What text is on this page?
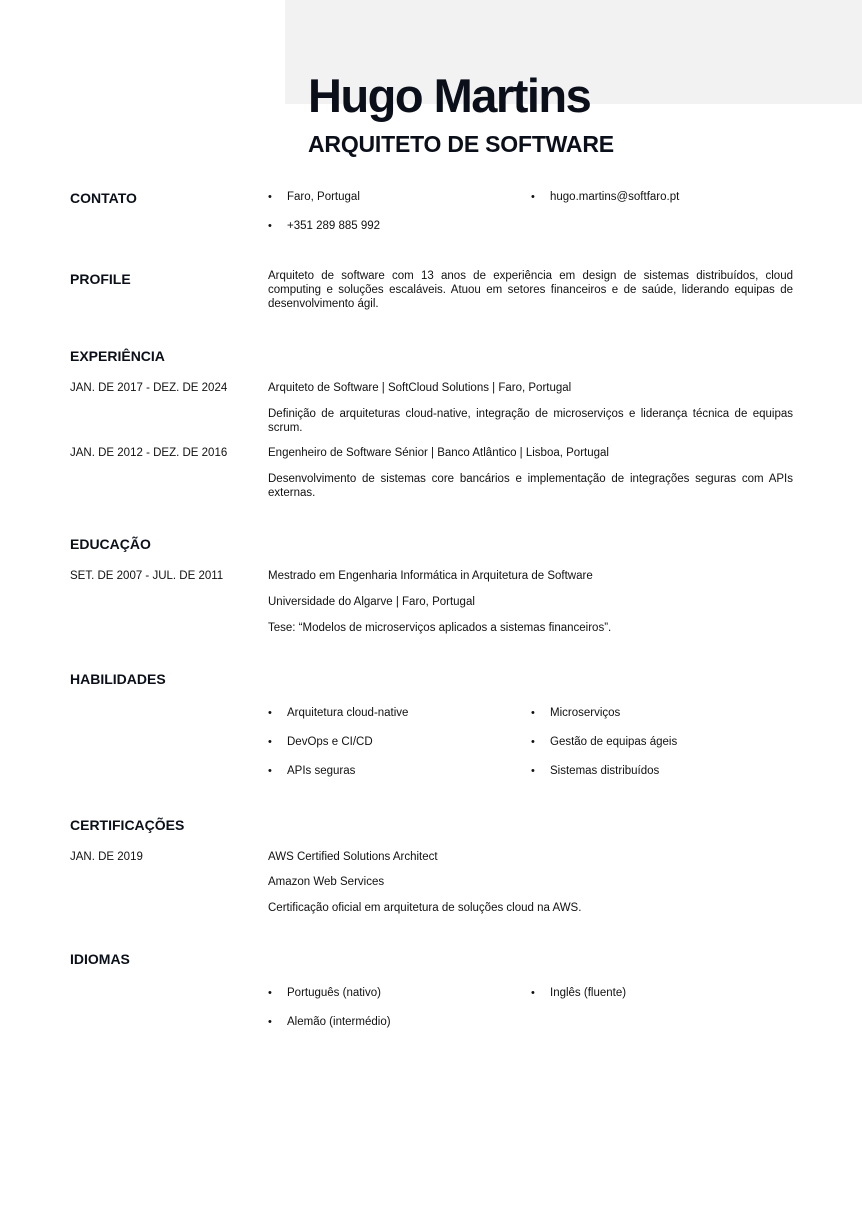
Hugo Martins
ARQUITETO DE SOFTWARE
CONTATO	• Faro, Portugal	• hugo.martins@softfaro.pt
• +351 289 885 992
PROFILE	Arquiteto de software com 13 anos de experiência em design de sistemas distribuídos, cloud computing e soluções escaláveis. Atuou em setores financeiros e de saúde, liderando equipas de desenvolvimento ágil.

EXPERIÊNCIA
JAN. DE 2017 - DEZ. DE 2024	Arquiteto de Software | SoftCloud Solutions | Faro, Portugal

Definição de arquiteturas cloud-native, integração de microserviços e liderança técnica de equipas scrum.

JAN. DE 2012 - DEZ. DE 2016	Engenheiro de Software Sénior | Banco Atlântico | Lisboa, Portugal

Desenvolvimento de sistemas core bancários e implementação de integrações seguras com APIs externas.

EDUCAÇÃO
SET. DE 2007 - JUL. DE 2011	Mestrado em Engenharia Informática in Arquitetura de Software
Universidade do Algarve | Faro, Portugal
Tese: “Modelos de microserviços aplicados a sistemas financeiros”.
HABILIDADES
• Arquitetura cloud-native	• Microserviços
• DevOps e CI/CD	• Gestão de equipas ágeis
• APIs seguras	• Sistemas distribuídos
CERTIFICAÇÕES
JAN. DE 2019	AWS Certified Solutions Architect
Amazon Web Services
Certificação oficial em arquitetura de soluções cloud na AWS.
IDIOMAS
• Português (nativo)	• Inglês (fluente)
• Alemão (intermédio)
